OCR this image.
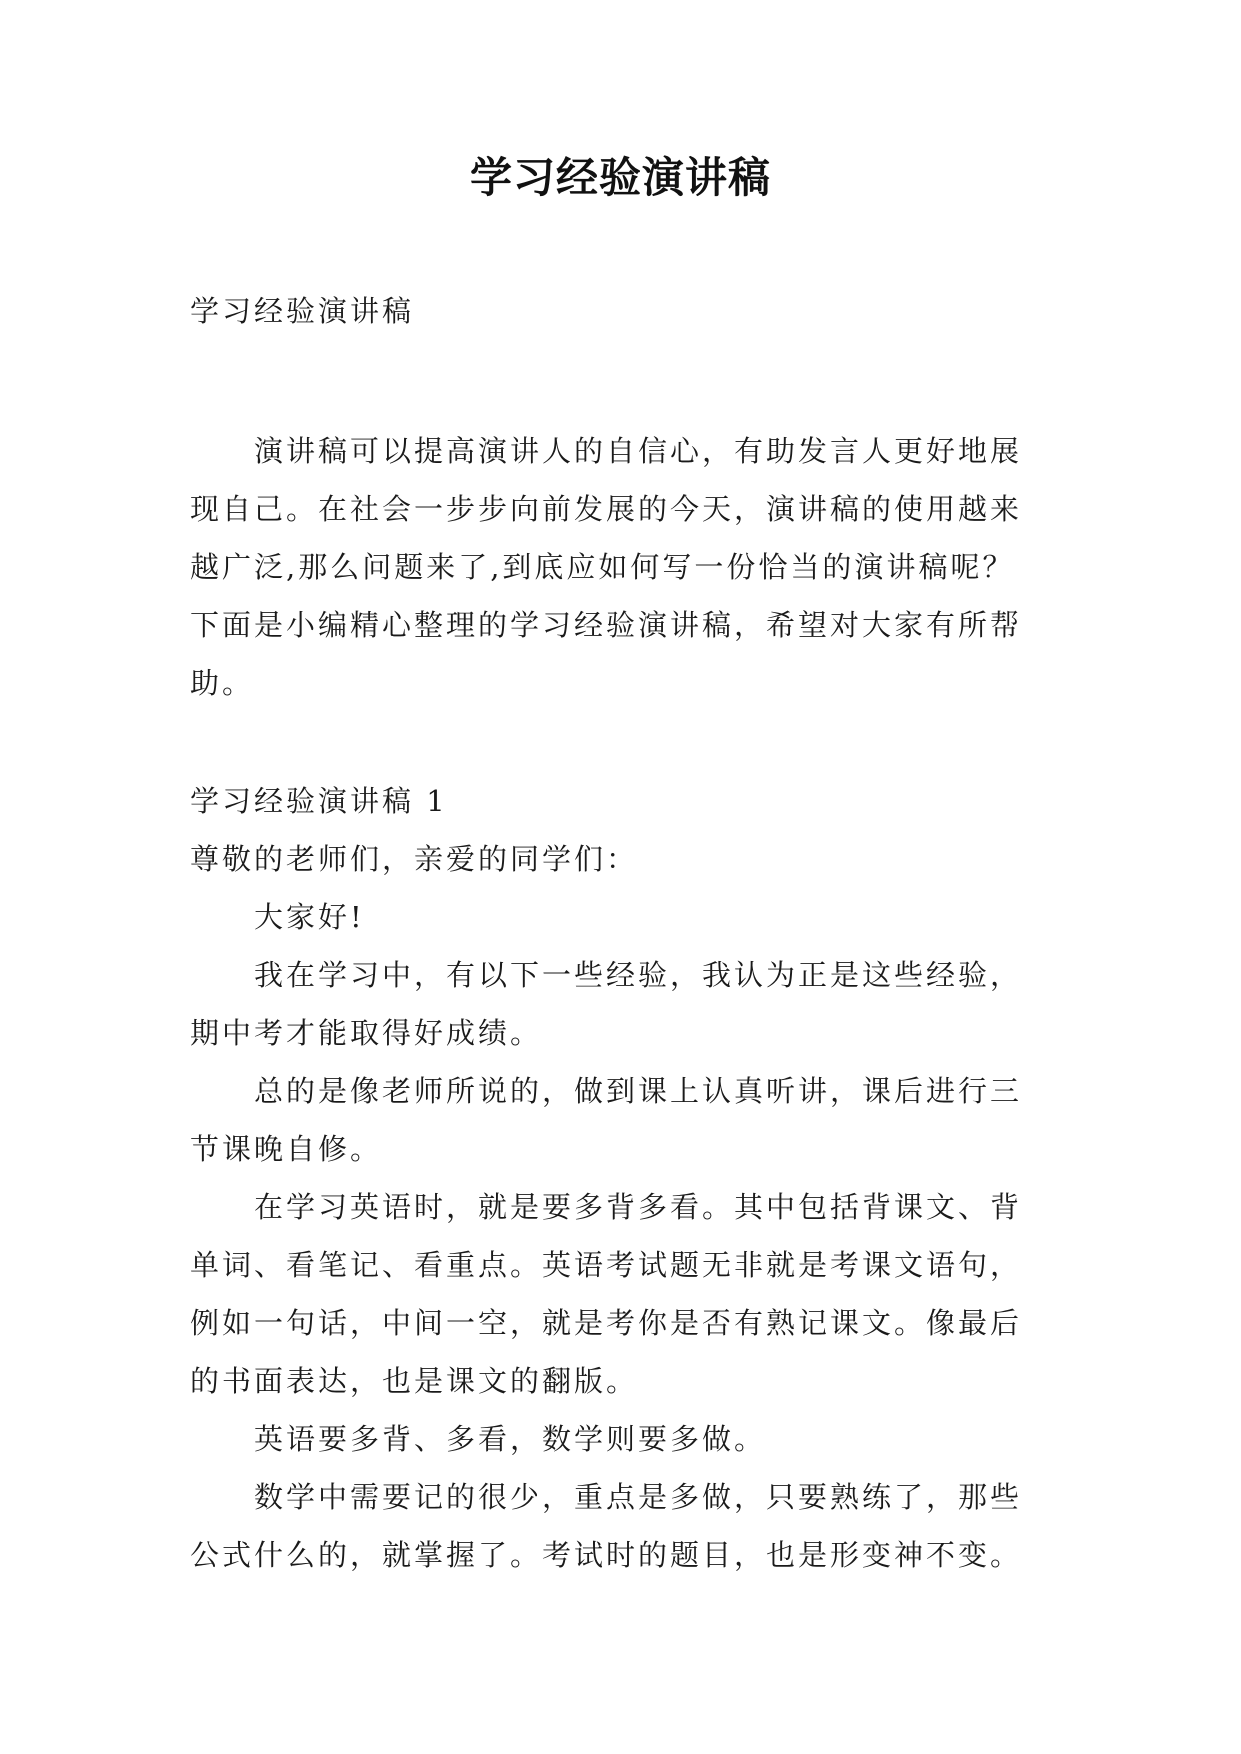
学习经验演讲稿
学习经验演讲稿
演讲稿可以提高演讲人的自信心，有助发言人更好地展
现自己。在社会一步步向前发展的今天，演讲稿的使用越来
越广泛,那么问题来了,到底应如何写一份恰当的演讲稿呢？
下面是小编精心整理的学习经验演讲稿，希望对大家有所帮
助。
学习经验演讲稿 1
尊敬的老师们，亲爱的同学们：
大家好!
我在学习中，有以下一些经验，我认为正是这些经验，
期中考才能取得好成绩。
总的是像老师所说的，做到课上认真听讲，课后进行三
节课晚自修。
在学习英语时，就是要多背多看。其中包括背课文、背
单词、看笔记、看重点。英语考试题无非就是考课文语句，
例如一句话，中间一空，就是考你是否有熟记课文。像最后
的书面表达，也是课文的翻版。
英语要多背、多看，数学则要多做。
数学中需要记的很少，重点是多做，只要熟练了，那些
公式什么的，就掌握了。考试时的题目，也是形变神不变。
